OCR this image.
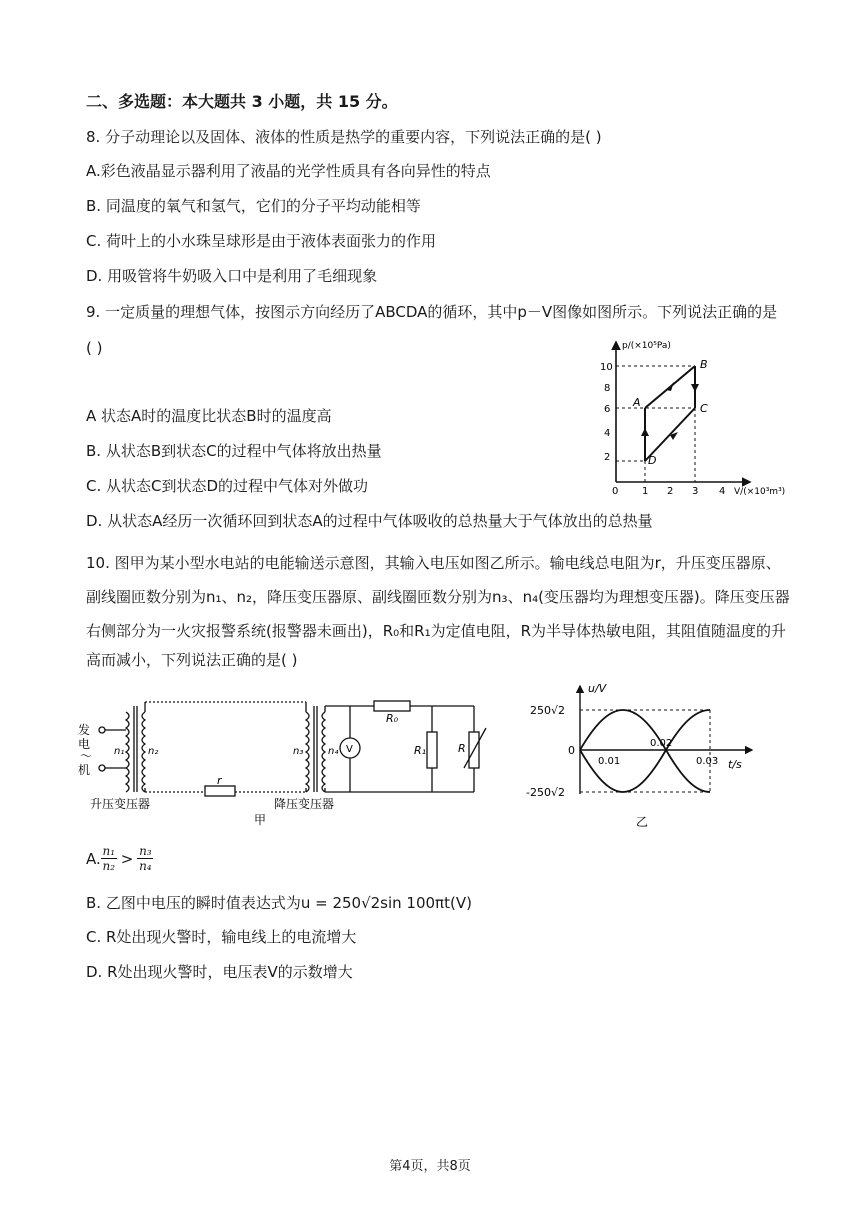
二、多选题：本大题共 3 小题，共 15 分。
8. 分子动理论以及固体、液体的性质是热学的重要内容，下列说法正确的是( )
A.彩色液晶显示器利用了液晶的光学性质具有各向异性的特点
B. 同温度的氧气和氢气，它们的分子平均动能相等
C. 荷叶上的小水珠呈球形是由于液体表面张力的作用
D. 用吸管将牛奶吸入口中是利用了毛细现象
9. 一定质量的理想气体，按图示方向经历了ABCDA的循环，其中p－V图像如图所示。下列说法正确的是
( )
A 状态A时的温度比状态B时的温度高
B. 从状态B到状态C的过程中气体将放出热量
C. 从状态C到状态D的过程中气体对外做功
D. 从状态A经历一次循环回到状态A的过程中气体吸收的总热量大于气体放出的总热量
p/(×10⁵Pa)
V/(×10³m³)
10
8
6
4
2
0 1 2 3 4
A
B
C
D
10. 图甲为某小型水电站的电能输送示意图，其输入电压如图乙所示。输电线总电阻为r，升压变压器原、
副线圈匝数分别为n₁、n₂，降压变压器原、副线圈匝数分别为n₃、n₄(变压器均为理想变压器)。降压变压器
右侧部分为一火灾报警系统(报警器未画出)，R₀和R₁为定值电阻，R为半导体热敏电阻，其阻值随温度的升
高而减小，下列说法正确的是( )
发
电
～
机
n₁ n₂	n₃ n₄
r
R₀
R₁	R
V
升压变压器	降压变压器
甲
u/V
t/s
250√2
-250√2
0
0.01
0.02
0.03
乙
A. n₁
n₂ > n₃
n₄
B. 乙图中电压的瞬时值表达式为u = 250√2sin 100πt(V)
C. R处出现火警时，输电线上的电流增大
D. R处出现火警时，电压表V的示数增大
第4页，共8页
